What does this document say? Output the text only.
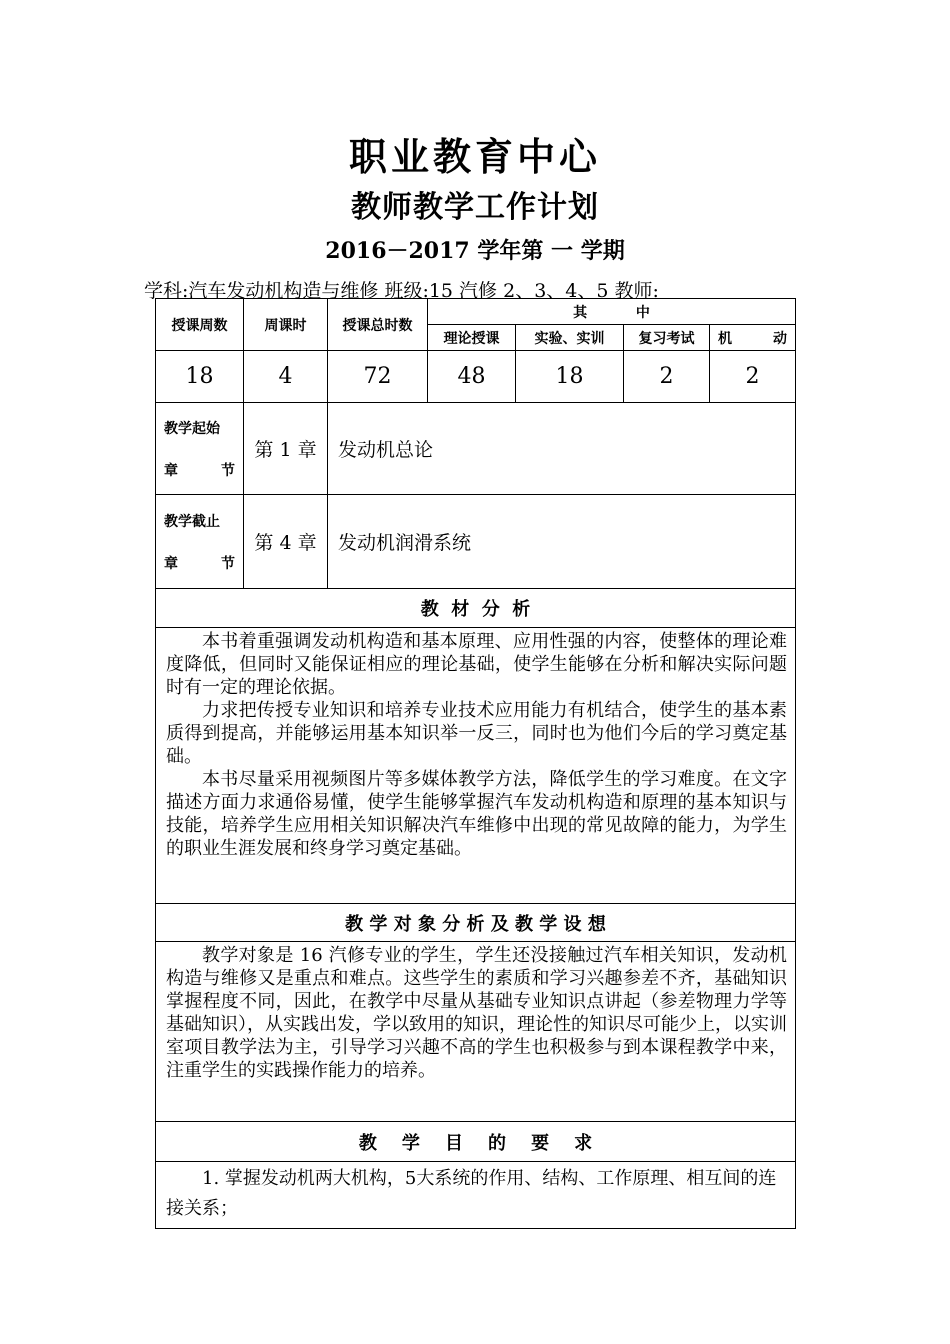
职业教育中心
教师教学工作计划
2016－2017 学年第 一 学期
学科:汽车发动机构造与维修 班级:15 汽修 2、3、4、5 教师:
授课周数	周课时	授课总时数	其          中			
			理论授课	实验、实训	复习考试	机 动

18	4	72	48	18	2	2

教学起始
章 节	第 1 章	发动机总论				

教学截止
章 节	第 4 章	发动机润滑系统				
教  材  分  析						

本书着重强调发动机构造和基本原理、应用性强的内容，使整体的理论难度降低，但同时又能保证相应的理论基础，使学生能够在分析和解决实际问题时有一定的理论依据。

力求把传授专业知识和培养专业技术应用能力有机结合，使学生的基本素质得到提高，并能够运用基本知识举一反三，同时也为他们今后的学习奠定基础。

本书尽量采用视频图片等多媒体教学方法，降低学生的学习难度。在文字描述方面力求通俗易懂，使学生能够掌握汽车发动机构造和原理的基本知识与技能，培养学生应用相关知识解决汽车维修中出现的常见故障的能力，为学生的职业生涯发展和终身学习奠定基础。						

教 学 对 象 分 析 及 教 学 设 想						

教学对象是 16 汽修专业的学生，学生还没接触过汽车相关知识，发动机构造与维修又是重点和难点。这些学生的素质和学习兴趣参差不齐，基础知识掌握程度不同，因此，在教学中尽量从基础专业知识点讲起（参差物理力学等基础知识），从实践出发，学以致用的知识，理论性的知识尽可能少上，以实训室项目教学法为主，引导学习兴趣不高的学生也积极参与到本课程教学中来，注重学生的实践操作能力的培养。						

教    学    目    的    要    求						

1. 掌握发动机两大机构，5大系统的作用、结构、工作原理、相互间的连接关系；						
